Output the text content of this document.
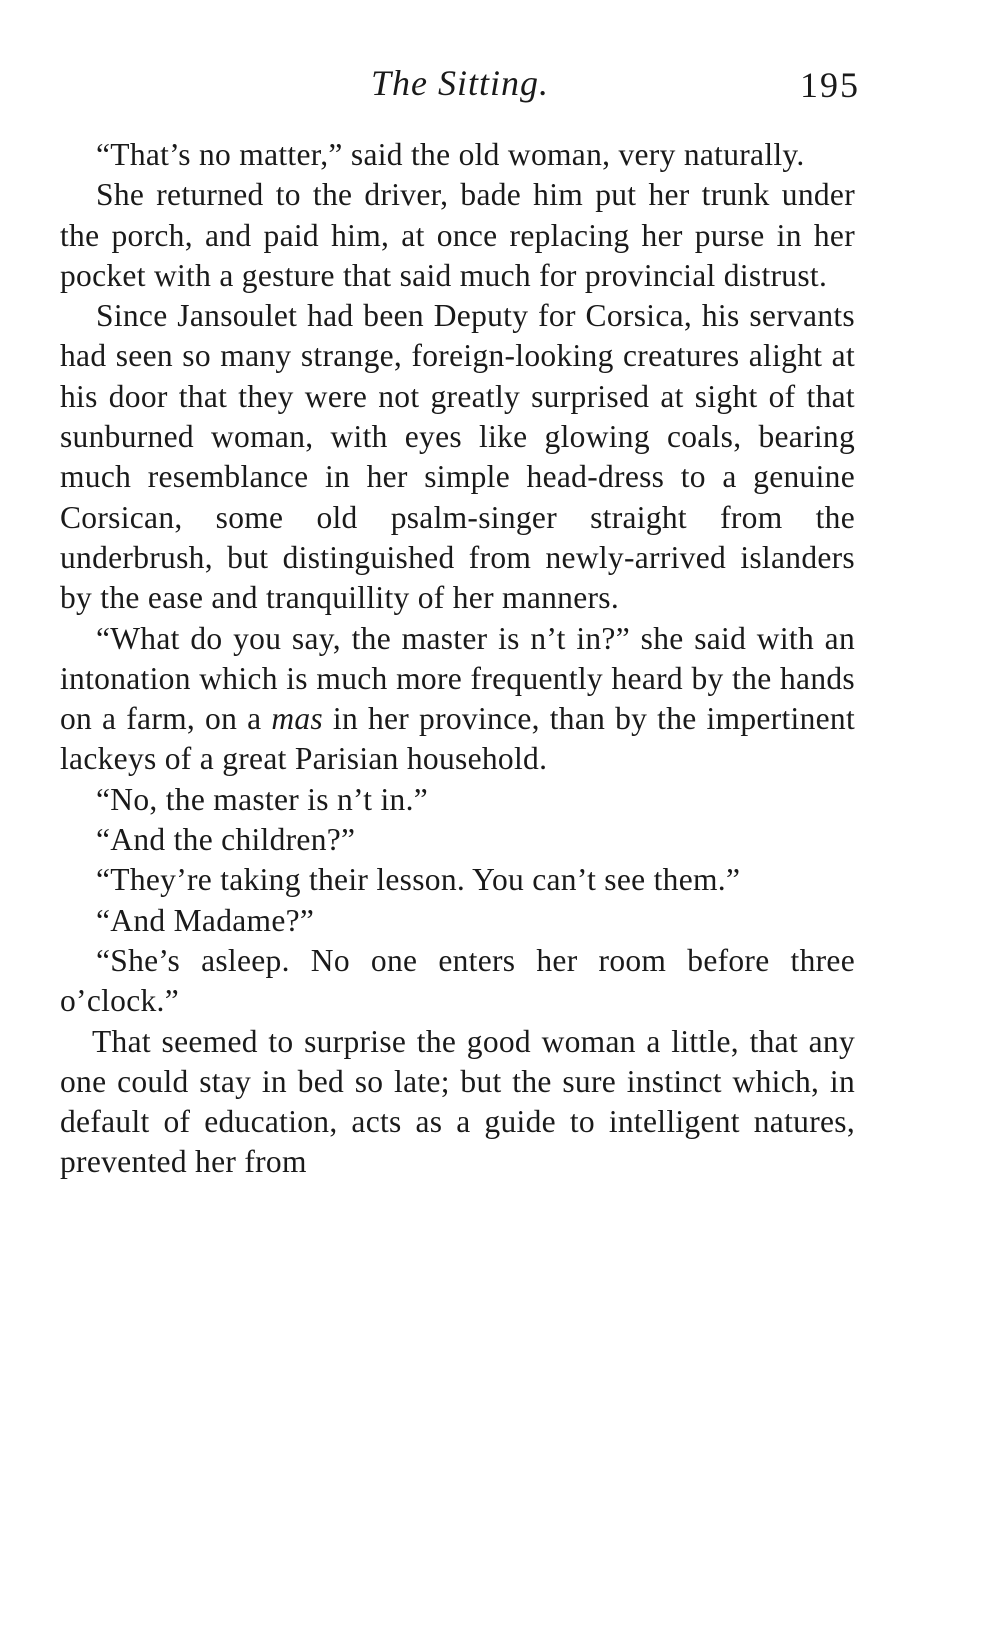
The Sitting.	195

“That’s no matter,” said the old woman, very naturally.

She returned to the driver, bade him put her trunk under the porch, and paid him, at once replacing her purse in her pocket with a gesture that said much for provincial distrust.

Since Jansoulet had been Deputy for Corsica, his servants had seen so many strange, foreign-looking creatures alight at his door that they were not greatly surprised at sight of that sunburned woman, with eyes like glowing coals, bearing much resemblance in her simple head-dress to a genuine Corsican, some old psalm-singer straight from the underbrush, but distinguished from newly-arrived islanders by the ease and tranquillity of her manners.

“What do you say, the master is n’t in?” she said with an intonation which is much more frequently heard by the hands on a farm, on a mas in her province, than by the impertinent lackeys of a great Parisian household.

“No, the master is n’t in.”

“And the children?”

“They’re taking their lesson. You can’t see them.”

“And Madame?”

“She’s asleep. No one enters her room before three o’clock.”

That seemed to surprise the good woman a little, that any one could stay in bed so late; but the sure instinct which, in default of education, acts as a guide to intelligent natures, prevented her from
